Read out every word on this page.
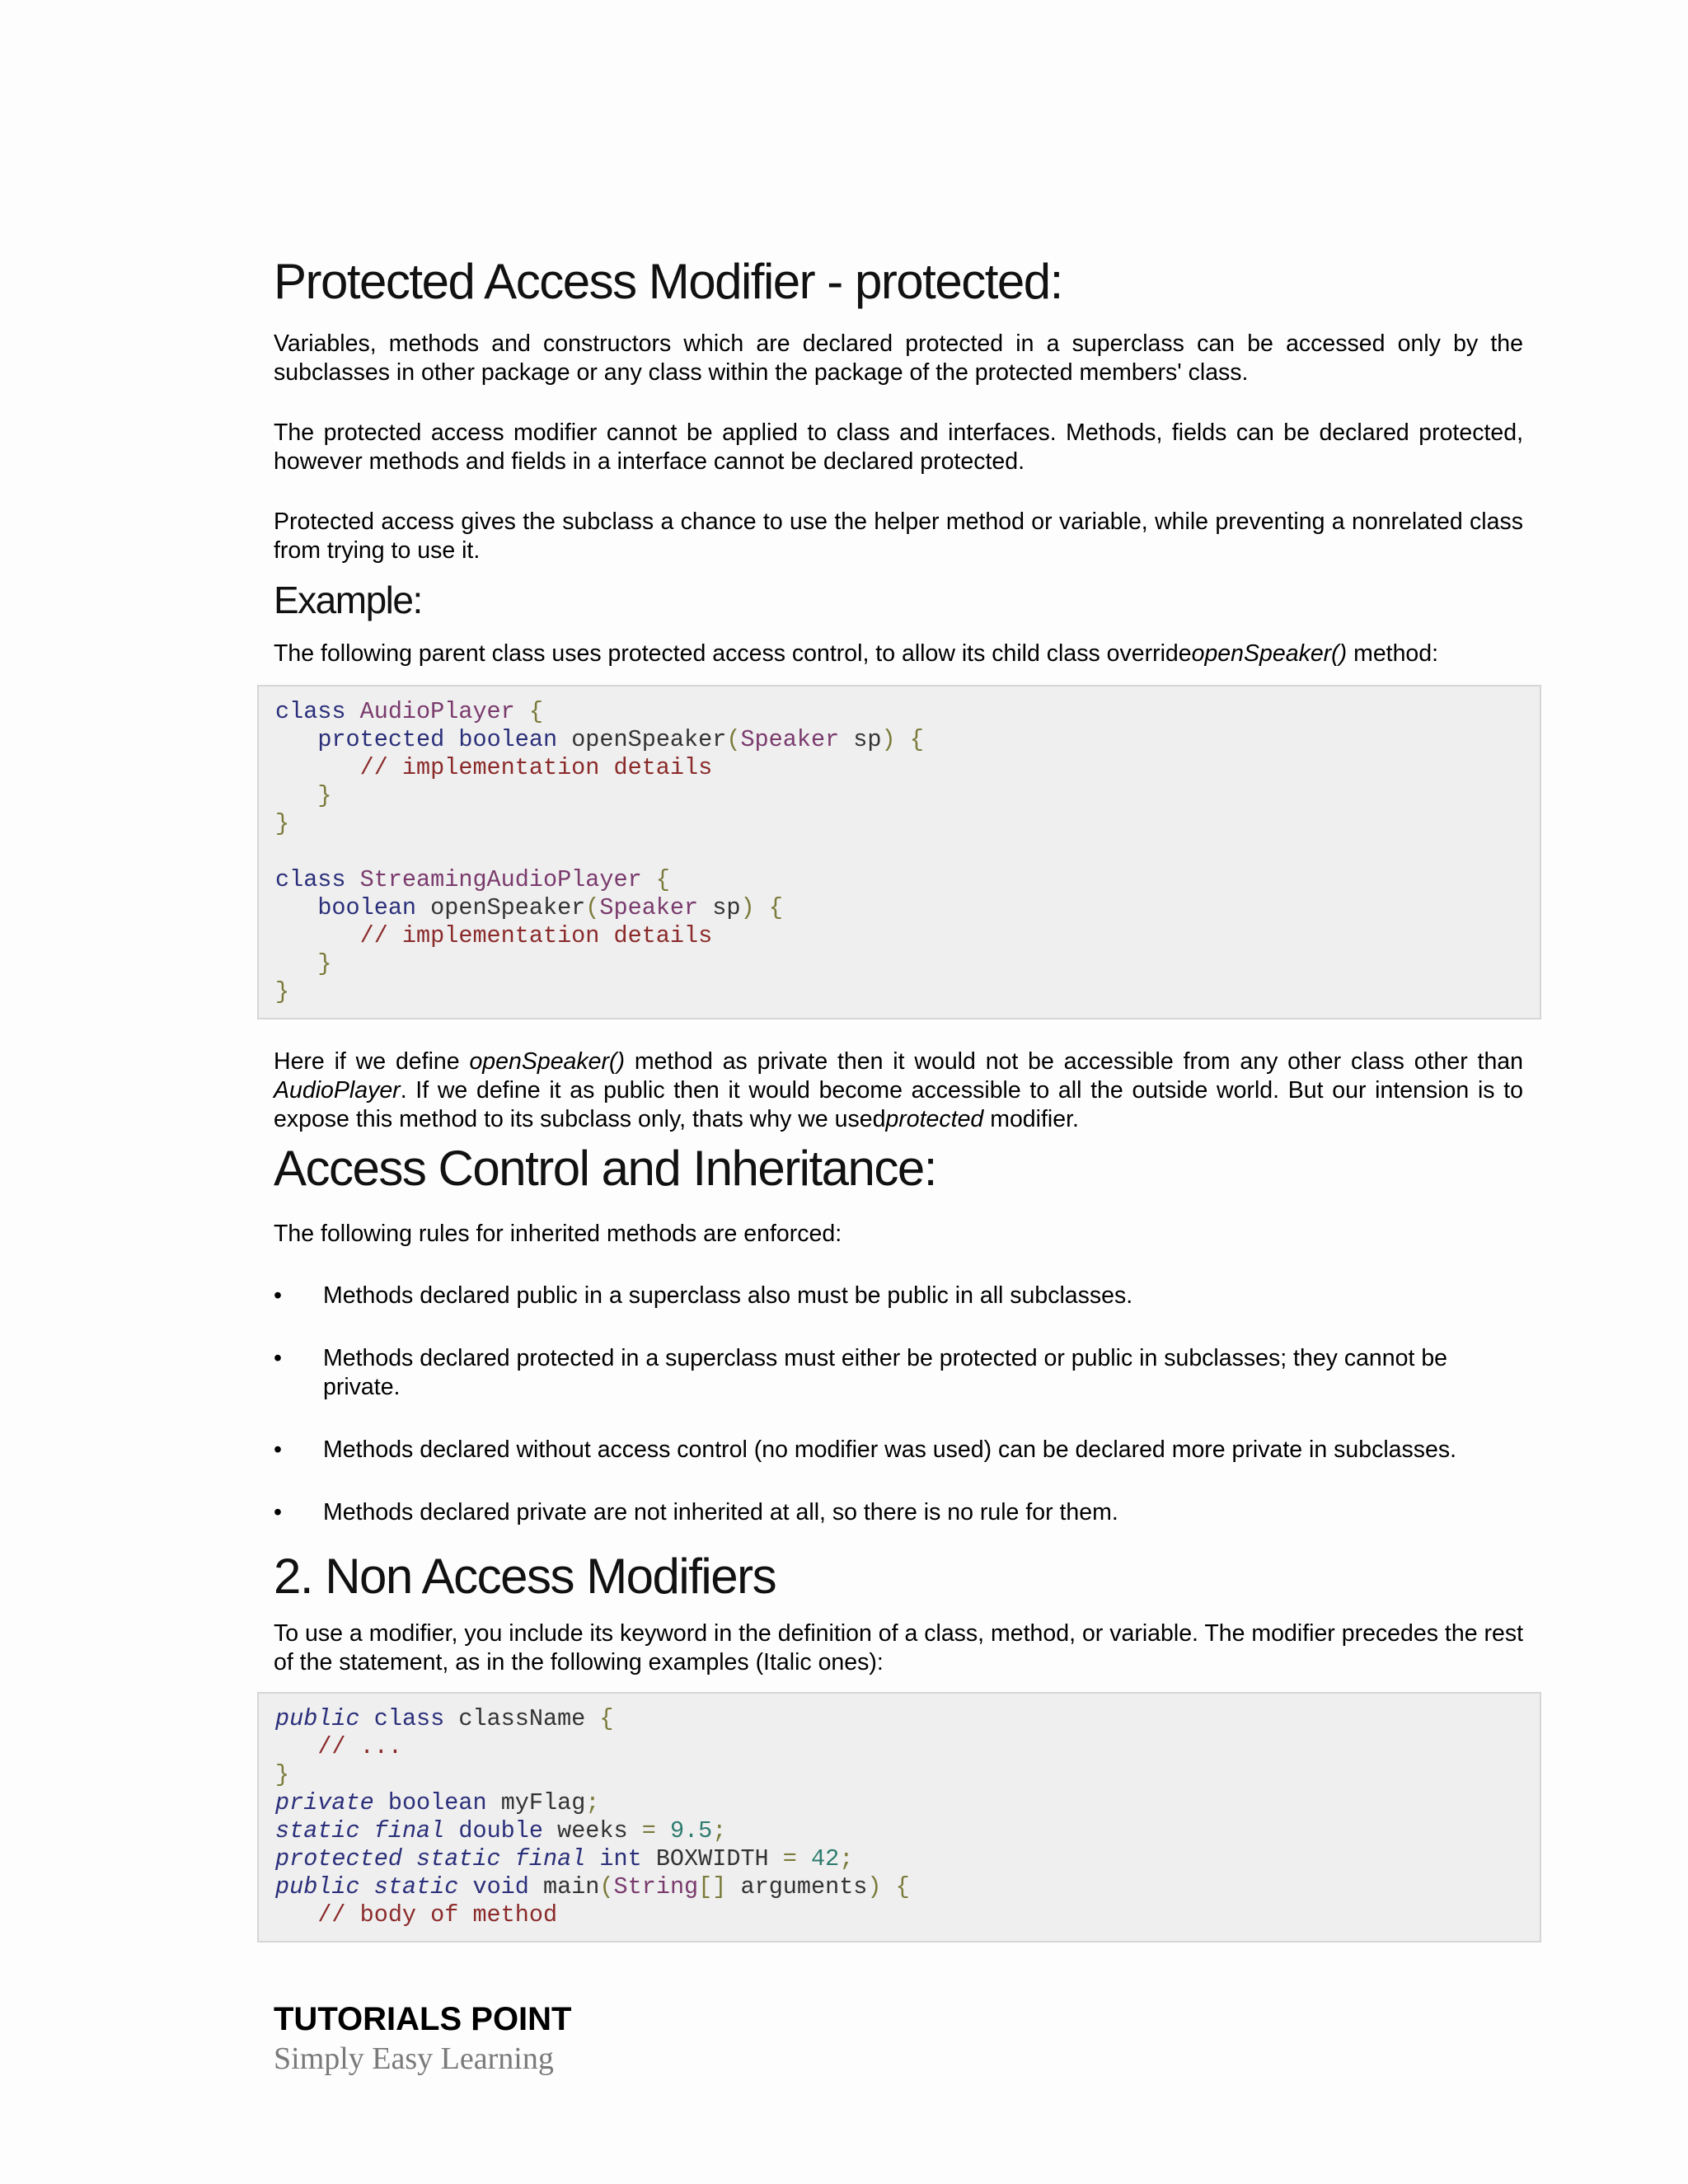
Protected Access Modifier - protected:

Variables, methods and constructors which are declared protected in a superclass can be accessed only by the subclasses in other package or any class within the package of the protected members' class.

The protected access modifier cannot be applied to class and interfaces. Methods, fields can be declared protected, however methods and fields in a interface cannot be declared protected.

Protected access gives the subclass a chance to use the helper method or variable, while preventing a nonrelated class from trying to use it.

Example:

The following parent class uses protected access control, to allow its child class overrideopenSpeaker() method:

class AudioPlayer {
protected boolean openSpeaker(Speaker sp) {
// implementation details
}
}

class StreamingAudioPlayer {
boolean openSpeaker(Speaker sp) {
// implementation details
}
}

Here if we define openSpeaker() method as private then it would not be accessible from any other class other than AudioPlayer. If we define it as public then it would become accessible to all the outside world. But our intension is to expose this method to its subclass only, thats why we usedprotected modifier.

Access Control and Inheritance:

The following rules for inherited methods are enforced:

• Methods declared public in a superclass also must be public in all subclasses.
• Methods declared protected in a superclass must either be protected or public in subclasses; they cannot be private.
• Methods declared without access control (no modifier was used) can be declared more private in subclasses.
• Methods declared private are not inherited at all, so there is no rule for them.
2. Non Access Modifiers

To use a modifier, you include its keyword in the definition of a class, method, or variable. The modifier precedes the rest of the statement, as in the following examples (Italic ones):

public class className {
// ...
}
private boolean myFlag;
static final double weeks = 9.5;
protected static final int BOXWIDTH = 42;
public static void main(String[] arguments) {
// body of method
TUTORIALS POINT
Simply Easy Learning
